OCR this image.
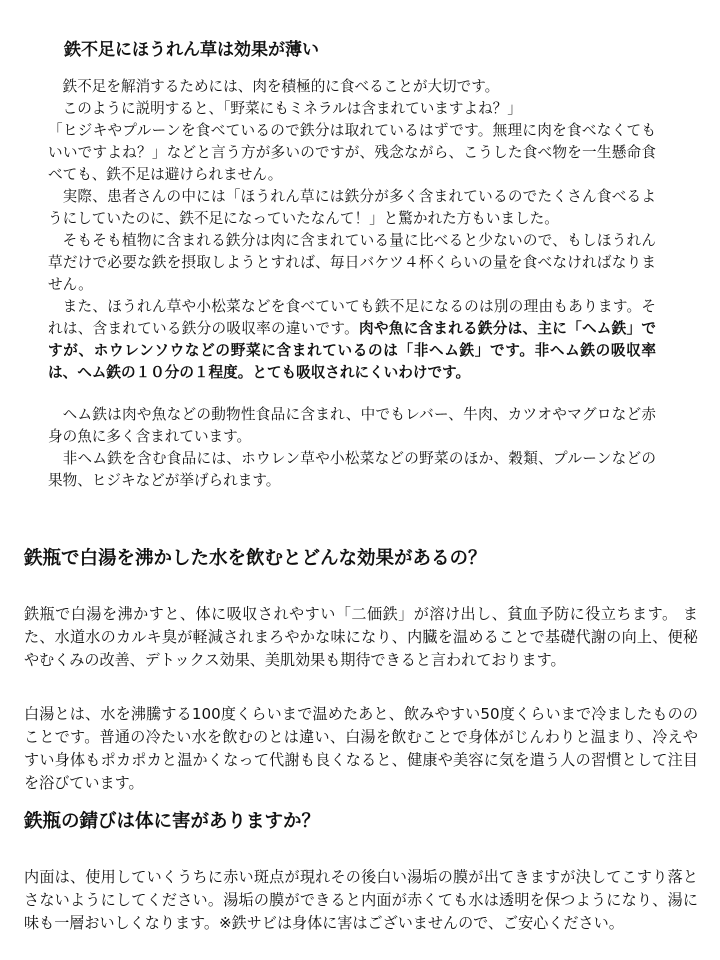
鉄不足にほうれん草は効果が薄い

鉄不足を解消するためには、肉を積極的に食べることが大切です。

このように説明すると、「野菜にもミネラルは含まれていますよね？」

「ヒジキやプルーンを食べているので鉄分は取れているはずです。無理に肉を食べなくてもいいですよね？」などと言う方が多いのですが、残念ながら、こうした食べ物を一生懸命食べても、鉄不足は避けられません。

実際、患者さんの中には「ほうれん草には鉄分が多く含まれているのでたくさん食べるようにしていたのに、鉄不足になっていたなんて！」と驚かれた方もいました。

そもそも植物に含まれる鉄分は肉に含まれている量に比べると少ないので、もしほうれん草だけで必要な鉄を摂取しようとすれば、毎日バケツ４杯くらいの量を食べなければなりません。

また、ほうれん草や小松菜などを食べていても鉄不足になるのは別の理由もあります。それは、含まれている鉄分の吸収率の違いです。肉や魚に含まれる鉄分は、主に「ヘム鉄」ですが、ホウレンソウなどの野菜に含まれているのは「非ヘム鉄」です。非ヘム鉄の吸収率は、ヘム鉄の１０分の１程度。とても吸収されにくいわけです。

ヘム鉄は肉や魚などの動物性食品に含まれ、中でもレバー、牛肉、カツオやマグロなど赤身の魚に多く含まれています。

非ヘム鉄を含む食品には、ホウレン草や小松菜などの野菜のほか、穀類、プルーンなどの果物、ヒジキなどが挙げられます。

鉄瓶で白湯を沸かした水を飲むとどんな効果があるの？

鉄瓶で白湯を沸かすと、体に吸収されやすい「二価鉄」が溶け出し、貧血予防に役立ちます。 また、水道水のカルキ臭が軽減されまろやかな味になり、内臓を温めることで基礎代謝の向上、便秘やむくみの改善、デトックス効果、美肌効果も期待できると言われております。

白湯とは、水を沸騰する100度くらいまで温めたあと、飲みやすい50度くらいまで冷ましたもののことです。普通の冷たい水を飲むのとは違い、白湯を飲むことで身体がじんわりと温まり、冷えやすい身体もポカポカと温かくなって代謝も良くなると、健康や美容に気を遣う人の習慣として注目を浴びています。

鉄瓶の錆びは体に害がありますか？

内面は、使用していくうちに赤い斑点が現れその後白い湯垢の膜が出てきますが決してこすり落とさないようにしてください。湯垢の膜ができると内面が赤くても水は透明を保つようになり、湯に味も一層おいしくなります。※鉄サビは身体に害はございませんので、ご安心ください。
